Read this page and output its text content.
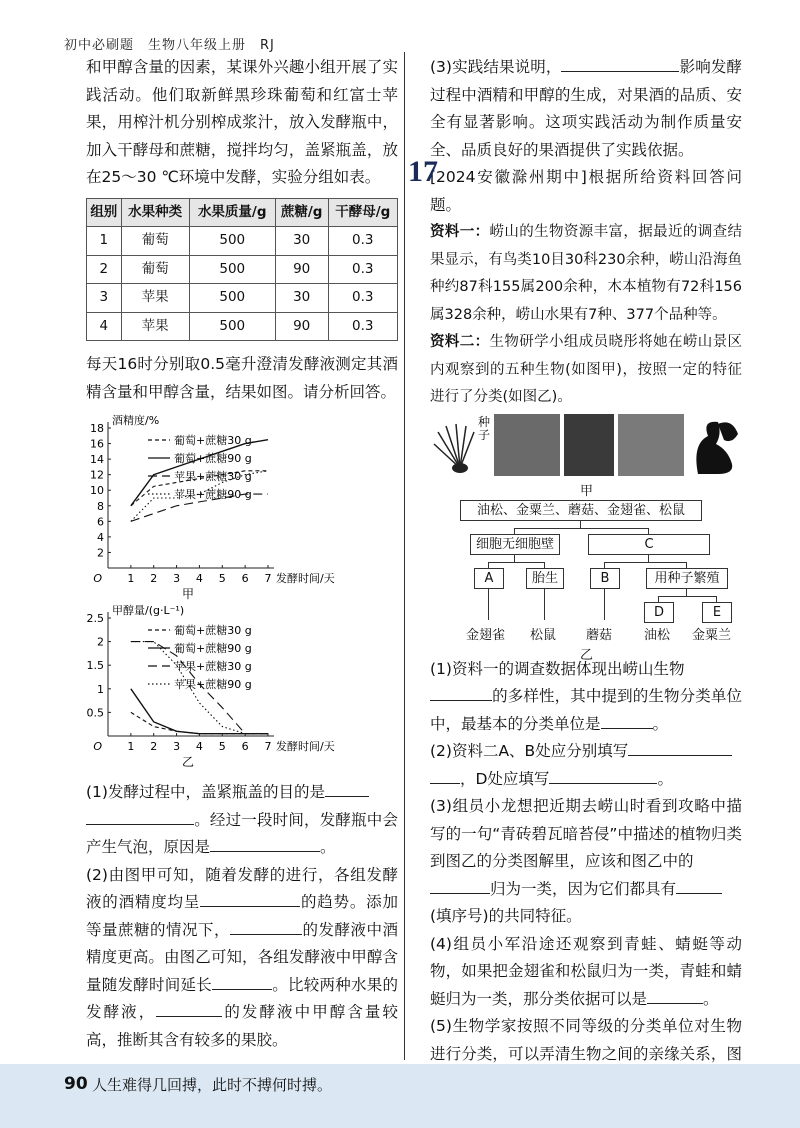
初中必刷题　生物八年级上册　RJ

和甲醇含量的因素，某课外兴趣小组开展了实践活动。他们取新鲜黑珍珠葡萄和红富士苹果，用榨汁机分别榨成浆汁，放入发酵瓶中，加入干酵母和蔗糖，搅拌均匀，盖紧瓶盖，放在25～30 ℃环境中发酵，实验分组如表。

组别	水果种类	水果质量/g	蔗糖/g	干酵母/g
1	葡萄	500	30	0.3
2	葡萄	500	90	0.3
3	苹果	500	30	0.3
4	苹果	500	90	0.3

每天16时分别取0.5毫升澄清发酵液测定其酒精含量和甲醇含量，结果如图。请分析回答。

2
4
6
8
10
12
14
16
18
1 2 3 4 5 6 7
O
酒精度/%
发酵时间/天
甲
葡萄+蔗糖30 g
葡萄+蔗糖90 g
苹果+蔗糖30 g
苹果+蔗糖90 g
0.5
1
1.5
2
2.5
1 2 3 4 5 6 7
O
甲醇量/(g·L⁻¹)
发酵时间/天
乙
葡萄+蔗糖30 g
葡萄+蔗糖90 g
苹果+蔗糖30 g
苹果+蔗糖90 g

(1)发酵过程中，盖紧瓶盖的目的是
。经过一段时间，发酵瓶中会产生气泡，原因是	。

(2)由图甲可知，随着发酵的进行，各组发酵液的酒精度均呈	的趋势。添加等量蔗糖的情况下，	的发酵液中酒精度更高。由图乙可知，各组发酵液中甲醇含量随发酵时间延长	。比较两种水果的发酵液，	的发酵液中甲醇含量较高，推断其含有较多的果胶。

(3)实践结果说明，	影响发酵过程中酒精和甲醇的生成，对果酒的品质、安全有显著影响。这项实践活动为制作质量安全、品质良好的果酒提供了实践依据。

17

[2024安徽滁州期中]根据所给资料回答问题。

资料一：崂山的生物资源丰富，据最近的调查结果显示，有鸟类10目30科230余种，崂山沿海鱼种约87科155属200余种，木本植物有72科156属328余种，崂山水果有7种、377个品种等。

资料二：生物研学小组成员晓彤将她在崂山景区内观察到的五种生物(如图甲)，按照一定的特征进行了分类(如图乙)。

种子
甲
油松、金粟兰、蘑菇、金翅雀、松鼠
细胞无细胞壁	C
A	胎生	B	用种子繁殖
D	E
金翅雀 松鼠 蘑菇 油松 金粟兰
乙

(1)资料一的调查数据体现出崂山生物
的多样性，其中提到的生物分类单位中，最基本的分类单位是	。

(2)资料二A、B处应分别填写
，D处应填写	。

(3)组员小龙想把近期去崂山时看到攻略中描写的一句“青砖碧瓦暗苔侵”中描述的植物归类到图乙的分类图解里，应该和图乙中的
归为一类，因为它们都具有
(填序号)的共同特征。

(4)组员小军沿途还观察到青蛙、蜻蜓等动物，如果把金翅雀和松鼠归为一类，青蛙和蜻蜓归为一类，那分类依据可以是	。

(5)生物学家按照不同等级的分类单位对生物进行分类，可以弄清生物之间的亲缘关系，图

90 人生难得几回搏，此时不搏何时搏。
